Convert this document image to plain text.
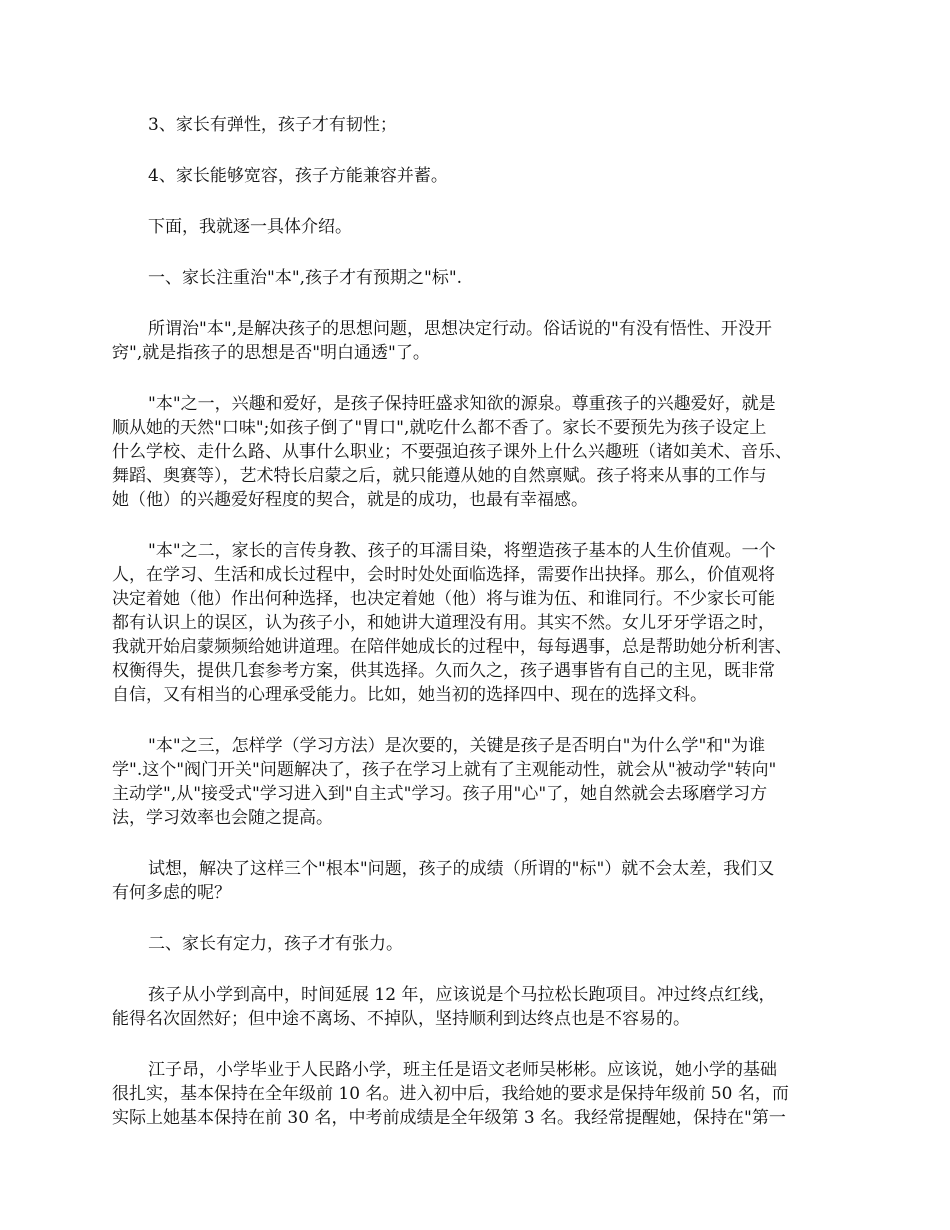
3、家长有弹性，孩子才有韧性；

4、家长能够宽容，孩子方能兼容并蓄。

下面，我就逐一具体介绍。

一、家长注重治"本",孩子才有预期之"标".

所谓治"本",是解决孩子的思想问题，思想决定行动。俗话说的"有没有悟性、开没开
窍",就是指孩子的思想是否"明白通透"了。

"本"之一，兴趣和爱好，是孩子保持旺盛求知欲的源泉。尊重孩子的兴趣爱好，就是
顺从她的天然"口味";如孩子倒了"胃口",就吃什么都不香了。家长不要预先为孩子设定上
什么学校、走什么路、从事什么职业；不要强迫孩子课外上什么兴趣班（诸如美术、音乐、
舞蹈、奥赛等），艺术特长启蒙之后，就只能遵从她的自然禀赋。孩子将来从事的工作与
她（他）的兴趣爱好程度的契合，就是的成功，也最有幸福感。

"本"之二，家长的言传身教、孩子的耳濡目染，将塑造孩子基本的人生价值观。一个
人，在学习、生活和成长过程中，会时时处处面临选择，需要作出抉择。那么，价值观将
决定着她（他）作出何种选择，也决定着她（他）将与谁为伍、和谁同行。不少家长可能
都有认识上的误区，认为孩子小，和她讲大道理没有用。其实不然。女儿牙牙学语之时，
我就开始启蒙频频给她讲道理。在陪伴她成长的过程中，每每遇事，总是帮助她分析利害、
权衡得失，提供几套参考方案，供其选择。久而久之，孩子遇事皆有自己的主见，既非常
自信，又有相当的心理承受能力。比如，她当初的选择四中、现在的选择文科。

"本"之三，怎样学（学习方法）是次要的，关键是孩子是否明白"为什么学"和"为谁
学".这个"阀门开关"问题解决了，孩子在学习上就有了主观能动性，就会从"被动学"转向"
主动学",从"接受式"学习进入到"自主式"学习。孩子用"心"了，她自然就会去琢磨学习方
法，学习效率也会随之提高。

试想，解决了这样三个"根本"问题，孩子的成绩（所谓的"标"）就不会太差，我们又
有何多虑的呢？

二、家长有定力，孩子才有张力。

孩子从小学到高中，时间延展 12 年，应该说是个马拉松长跑项目。冲过终点红线，
能得名次固然好；但中途不离场、不掉队，坚持顺利到达终点也是不容易的。

江子昂，小学毕业于人民路小学，班主任是语文老师吴彬彬。应该说，她小学的基础
很扎实，基本保持在全年级前 10 名。进入初中后，我给她的要求是保持年级前 50 名，而
实际上她基本保持在前 30 名，中考前成绩是全年级第 3 名。我经常提醒她，保持在"第一
